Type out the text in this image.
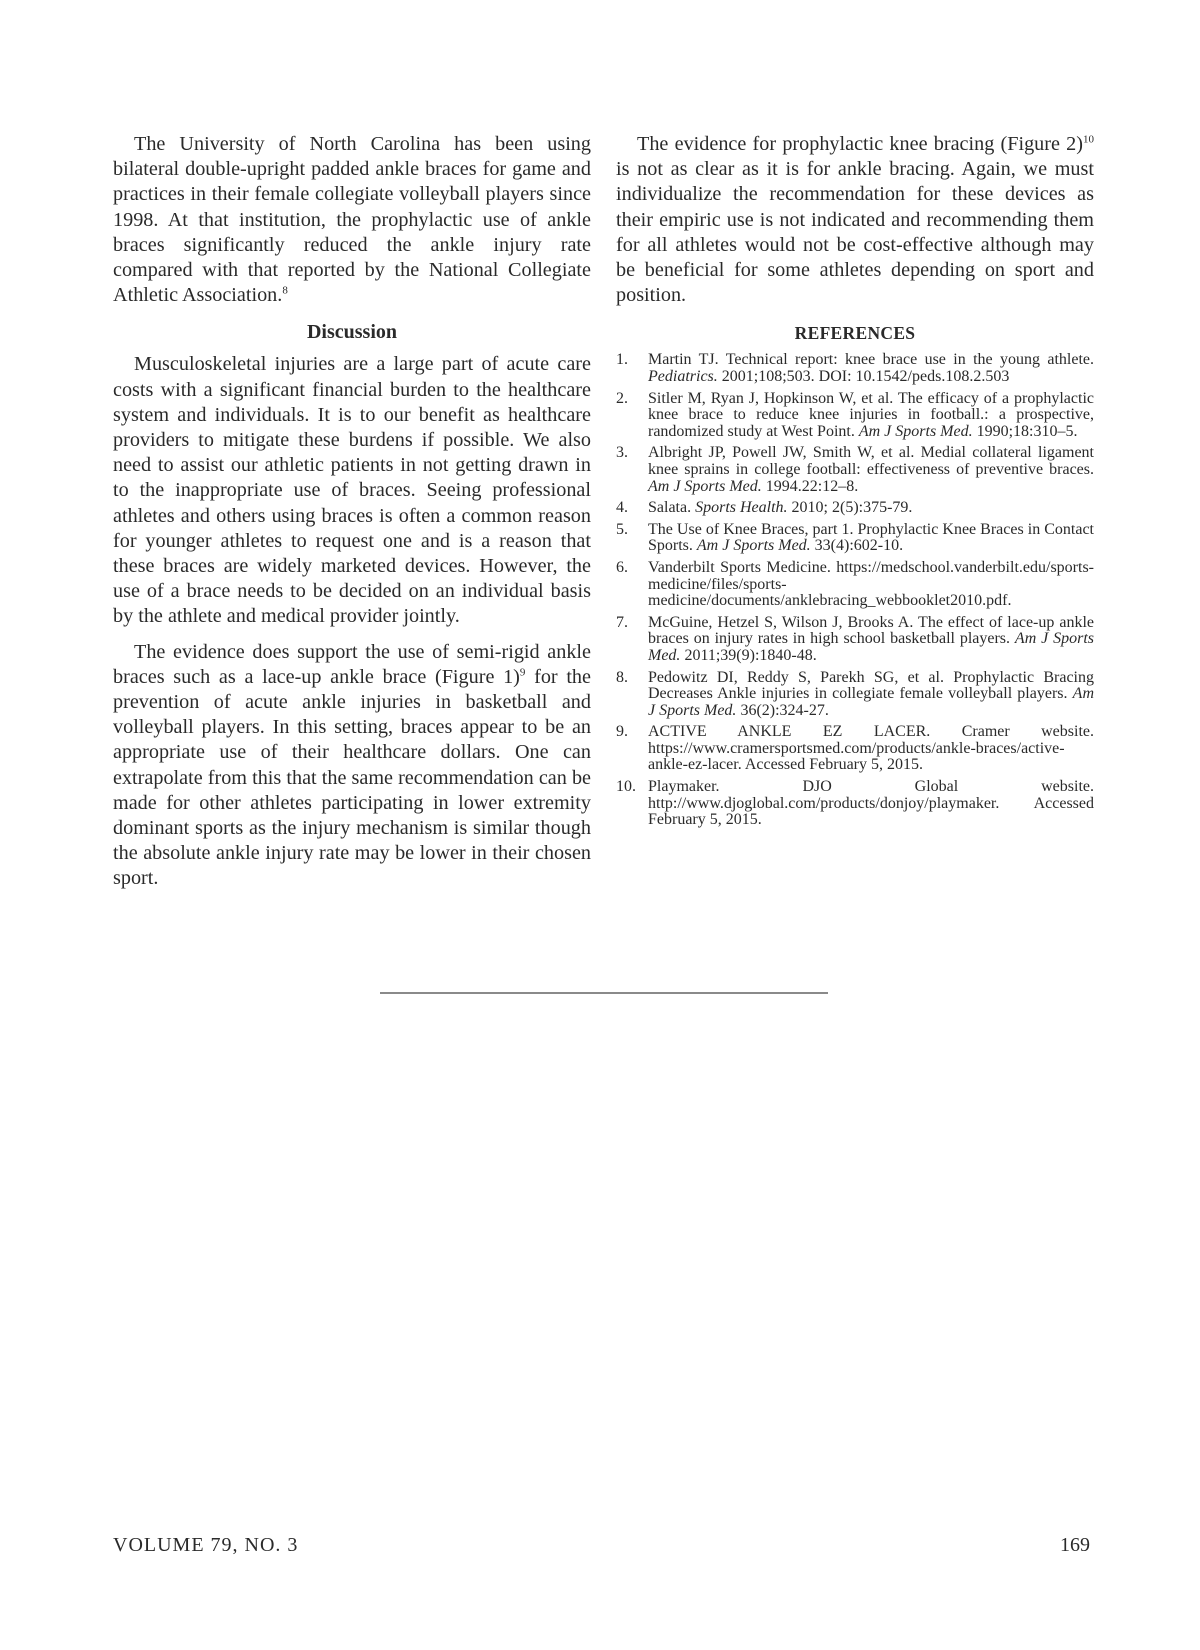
The University of North Carolina has been using bilateral double-upright padded ankle braces for game and practices in their female collegiate volleyball players since 1998. At that institution, the prophylactic use of ankle braces significantly reduced the ankle injury rate compared with that reported by the National Collegiate Athletic Association.$^8$

Discussion

Musculoskeletal injuries are a large part of acute care costs with a significant financial burden to the healthcare system and individuals. It is to our benefit as healthcare providers to mitigate these burdens if possible. We also need to assist our athletic patients in not getting drawn in to the inappropriate use of braces. Seeing professional athletes and others using braces is often a common reason for younger athletes to request one and is a reason that these braces are widely marketed devices. However, the use of a brace needs to be decided on an individual basis by the athlete and medical provider jointly.

The evidence does support the use of semi-rigid ankle braces such as a lace-up ankle brace (Figure 1)$^9$ for the prevention of acute ankle injuries in basketball and volleyball players. In this setting, braces appear to be an appropriate use of their healthcare dollars. One can extrapolate from this that the same recommendation can be made for other athletes participating in lower extremity dominant sports as the injury mechanism is similar though the absolute ankle injury rate may be lower in their chosen sport.

The evidence for prophylactic knee bracing (Figure 2)$^{10}$ is not as clear as it is for ankle bracing. Again, we must individualize the recommendation for these devices as their empiric use is not indicated and recommending them for all athletes would not be cost-effective although may be beneficial for some athletes depending on sport and position.

REFERENCES
1. Martin TJ. Technical report: knee brace use in the young athlete. Pediatrics. 2001;108;503. DOI: 10.1542/peds.108.2.503
2. Sitler M, Ryan J, Hopkinson W, et al. The efficacy of a prophylactic knee brace to reduce knee injuries in football.: a prospective, randomized study at West Point. Am J Sports Med. 1990;18:310–5.
3. Albright JP, Powell JW, Smith W, et al. Medial collateral ligament knee sprains in college football: effectiveness of preventive braces. Am J Sports Med. 1994.22:12–8.
4. Salata. Sports Health. 2010; 2(5):375-79.
5. The Use of Knee Braces, part 1. Prophylactic Knee Braces in Contact Sports. Am J Sports Med. 33(4):602-10.
6. Vanderbilt Sports Medicine. https://medschool.vanderbilt.edu/sports-medicine/files/sports-medicine/documents/anklebracing_webbooklet2010.pdf.
7. McGuine, Hetzel S, Wilson J, Brooks A. The effect of lace-up ankle braces on injury rates in high school basketball players. Am J Sports Med. 2011;39(9):1840-48.
8. Pedowitz DI, Reddy S, Parekh SG, et al. Prophylactic Bracing Decreases Ankle injuries in collegiate female volleyball players. Am J Sports Med. 36(2):324-27.
9. ACTIVE ANKLE EZ LACER. Cramer website. https://www.cramersportsmed.com/products/ankle-braces/active-ankle-ez-lacer. Accessed February 5, 2015.
10. Playmaker. DJO Global website. http://www.djoglobal.com/products/donjoy/playmaker. Accessed February 5, 2015.
VOLUME 79, NO. 3	169
